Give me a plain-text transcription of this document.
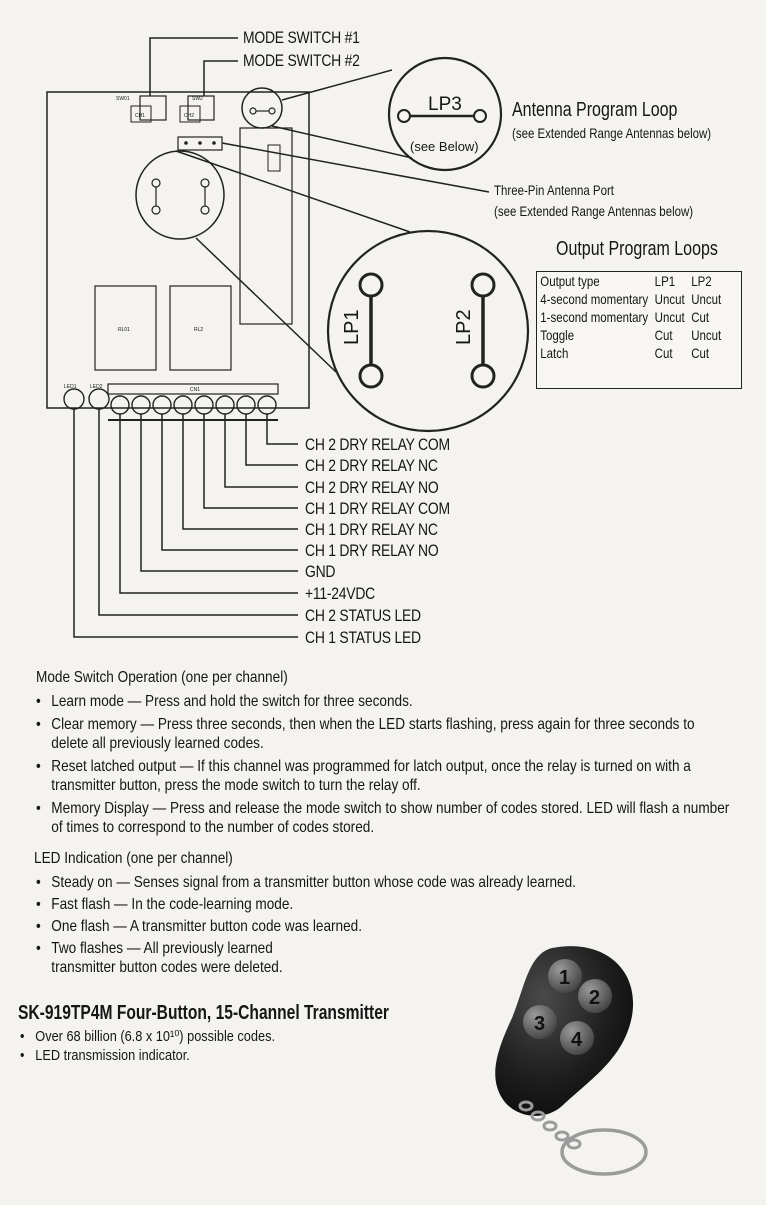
CH1	CH2
SW01	SW2
RL01	RL2
CN1
LED1	LED2
LP3
(see Below)
LP1	LP2
MODE SWITCH #1
MODE SWITCH #2
Antenna Program Loop
(see Extended Range Antennas below)
Three-Pin Antenna Port
(see Extended Range Antennas below)
Output Program Loops
Output type	LP1	LP2
4-second momentary	Uncut	Uncut
1-second momentary	Uncut	Cut
Toggle	Cut	Uncut
Latch	Cut	Cut
CH 2 DRY RELAY COM
CH 2 DRY RELAY NC
CH 2 DRY RELAY NO
CH 1 DRY RELAY COM
CH 1 DRY RELAY NC
CH 1 DRY RELAY NO
GND
+11-24VDC
CH 2 STATUS LED
CH 1 STATUS LED
Mode Switch Operation (one per channel)
• Learn mode — Press and hold the switch for three seconds.
• Clear memory — Press three seconds, then when the LED starts flashing, press again for three seconds to
delete all previously learned codes.
• Reset latched output — If this channel was programmed for latch output, once the relay is turned on with a
transmitter button, press the mode switch to turn the relay off.
• Memory Display — Press and release the mode switch to show number of codes stored. LED will flash a number
of times to correspond to the number of codes stored.
LED Indication (one per channel)
• Steady on — Senses signal from a transmitter button whose code was already learned.
• Fast flash — In the code-learning mode.
• One flash — A transmitter button code was learned.
• Two flashes — All previously learned
transmitter button codes were deleted.
SK-919TP4M Four-Button, 15-Channel Transmitter
• Over 68 billion (6.8 x 10¹⁰) possible codes.
• LED transmission indicator.
1
2
3
4
